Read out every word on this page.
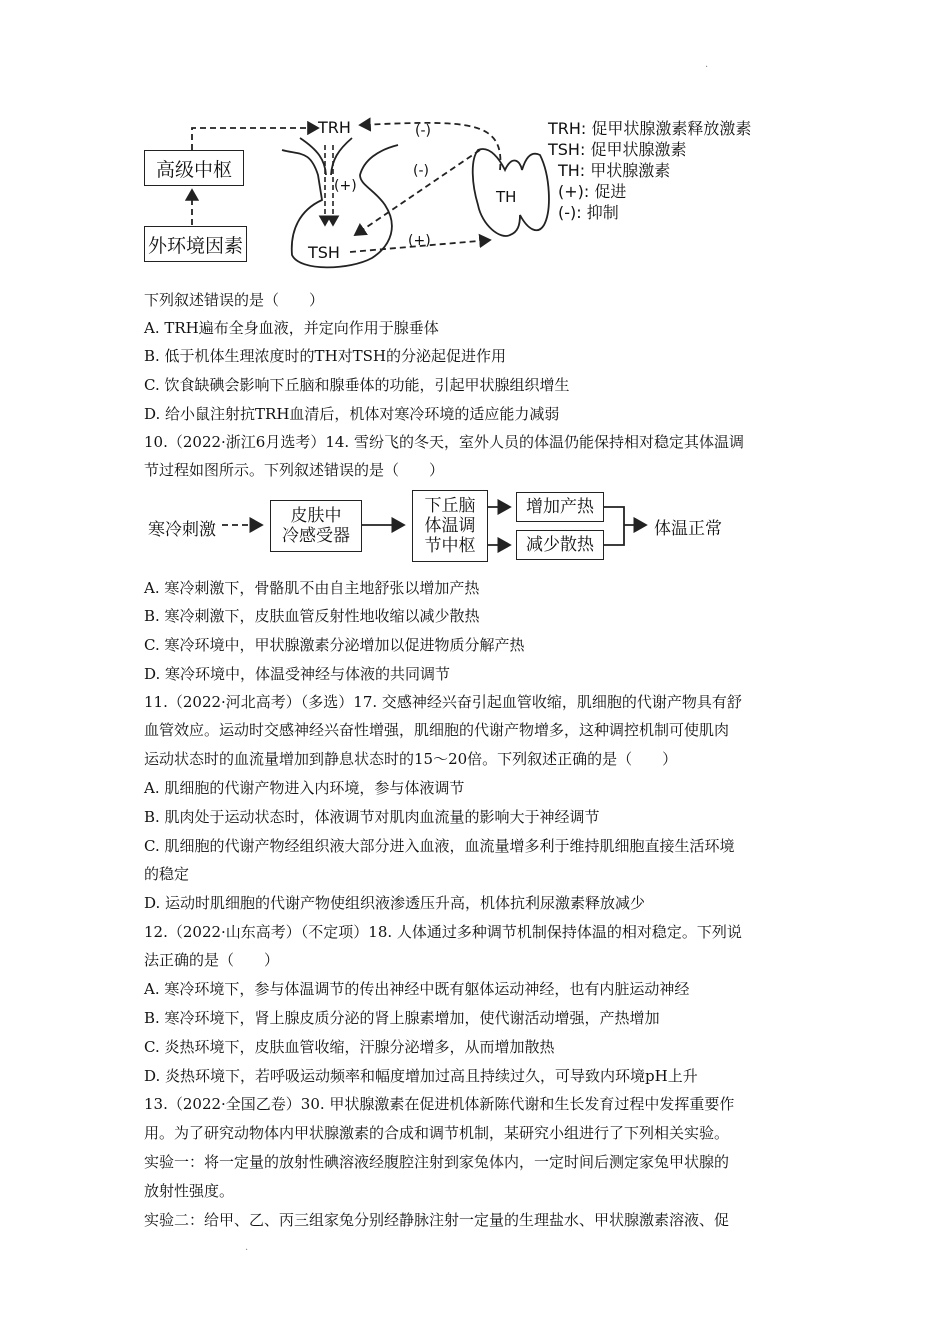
TRH
TSH
TH
(+)
(-)
(-)
(+)
高级中枢
外环境因素
TRH: 促甲状腺激素释放激素
TSH: 促甲状腺激素
TH: 甲状腺激素
(+): 促进
(-): 抑制
·
下列叙述错误的是（　　）
A. TRH遍布全身血液，并定向作用于腺垂体
B. 低于机体生理浓度时的TH对TSH的分泌起促进作用
C. 饮食缺碘会影响下丘脑和腺垂体的功能，引起甲状腺组织增生
D. 给小鼠注射抗TRH血清后，机体对寒冷环境的适应能力减弱
10.（2022·浙江6月选考）14. 雪纷飞的冬天，室外人员的体温仍能保持相对稳定其体温调
节过程如图所示。下列叙述错误的是（　　）
寒冷刺激
皮肤中
冷感受器
下丘脑
体温调
节中枢
增加产热
减少散热
体温正常
A. 寒冷刺激下，骨骼肌不由自主地舒张以增加产热
B. 寒冷刺激下，皮肤血管反射性地收缩以减少散热
C. 寒冷环境中，甲状腺激素分泌增加以促进物质分解产热
D. 寒冷环境中，体温受神经与体液的共同调节
11.（2022·河北高考）（多选）17. 交感神经兴奋引起血管收缩，肌细胞的代谢产物具有舒
血管效应。运动时交感神经兴奋性增强，肌细胞的代谢产物增多，这种调控机制可使肌肉
运动状态时的血流量增加到静息状态时的15～20倍。下列叙述正确的是（　　）
A. 肌细胞的代谢产物进入内环境，参与体液调节
B. 肌肉处于运动状态时，体液调节对肌肉血流量的影响大于神经调节
C. 肌细胞的代谢产物经组织液大部分进入血液，血流量增多利于维持肌细胞直接生活环境
的稳定
D. 运动时肌细胞的代谢产物使组织液渗透压升高，机体抗利尿激素释放减少
12.（2022·山东高考）（不定项）18. 人体通过多种调节机制保持体温的相对稳定。下列说
法正确的是（　　）
A. 寒冷环境下，参与体温调节的传出神经中既有躯体运动神经，也有内脏运动神经
B. 寒冷环境下，肾上腺皮质分泌的肾上腺素增加，使代谢活动增强，产热增加
C. 炎热环境下，皮肤血管收缩，汗腺分泌增多，从而增加散热
D. 炎热环境下，若呼吸运动频率和幅度增加过高且持续过久，可导致内环境pH上升
13.（2022·全国乙卷）30. 甲状腺激素在促进机体新陈代谢和生长发育过程中发挥重要作
用。为了研究动物体内甲状腺激素的合成和调节机制，某研究小组进行了下列相关实验。
实验一：将一定量的放射性碘溶液经腹腔注射到家兔体内，一定时间后测定家兔甲状腺的
放射性强度。
实验二：给甲、乙、丙三组家兔分别经静脉注射一定量的生理盐水、甲状腺激素溶液、促
·
